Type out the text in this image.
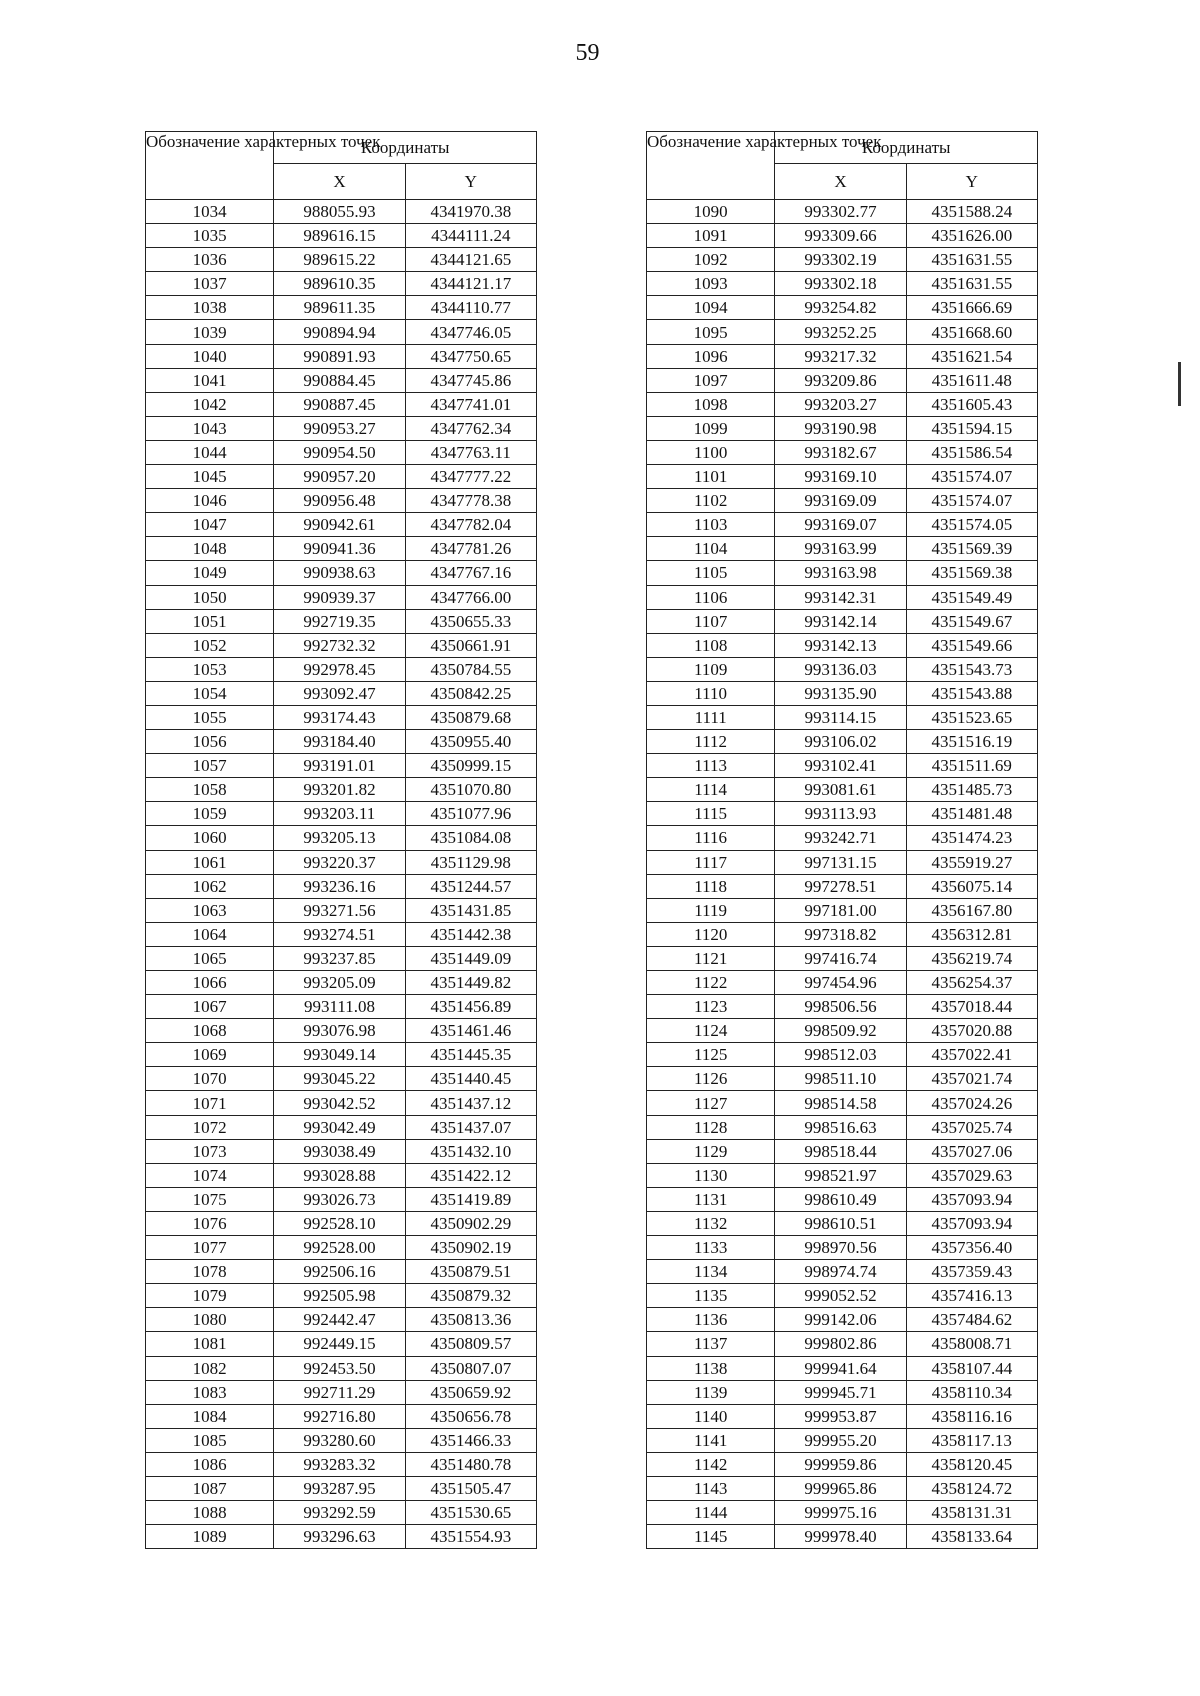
59
Обозначение характерных точек	Координаты	
	X	Y
1034	988055.93	4341970.38
1035	989616.15	4344111.24
1036	989615.22	4344121.65
1037	989610.35	4344121.17
1038	989611.35	4344110.77
1039	990894.94	4347746.05
1040	990891.93	4347750.65
1041	990884.45	4347745.86
1042	990887.45	4347741.01
1043	990953.27	4347762.34
1044	990954.50	4347763.11
1045	990957.20	4347777.22
1046	990956.48	4347778.38
1047	990942.61	4347782.04
1048	990941.36	4347781.26
1049	990938.63	4347767.16
1050	990939.37	4347766.00
1051	992719.35	4350655.33
1052	992732.32	4350661.91
1053	992978.45	4350784.55
1054	993092.47	4350842.25
1055	993174.43	4350879.68
1056	993184.40	4350955.40
1057	993191.01	4350999.15
1058	993201.82	4351070.80
1059	993203.11	4351077.96
1060	993205.13	4351084.08
1061	993220.37	4351129.98
1062	993236.16	4351244.57
1063	993271.56	4351431.85
1064	993274.51	4351442.38
1065	993237.85	4351449.09
1066	993205.09	4351449.82
1067	993111.08	4351456.89
1068	993076.98	4351461.46
1069	993049.14	4351445.35
1070	993045.22	4351440.45
1071	993042.52	4351437.12
1072	993042.49	4351437.07
1073	993038.49	4351432.10
1074	993028.88	4351422.12
1075	993026.73	4351419.89
1076	992528.10	4350902.29
1077	992528.00	4350902.19
1078	992506.16	4350879.51
1079	992505.98	4350879.32
1080	992442.47	4350813.36
1081	992449.15	4350809.57
1082	992453.50	4350807.07
1083	992711.29	4350659.92
1084	992716.80	4350656.78
1085	993280.60	4351466.33
1086	993283.32	4351480.78
1087	993287.95	4351505.47
1088	993292.59	4351530.65
1089	993296.63	4351554.93
Обозначение характерных точек	Координаты	
	X	Y
1090	993302.77	4351588.24
1091	993309.66	4351626.00
1092	993302.19	4351631.55
1093	993302.18	4351631.55
1094	993254.82	4351666.69
1095	993252.25	4351668.60
1096	993217.32	4351621.54
1097	993209.86	4351611.48
1098	993203.27	4351605.43
1099	993190.98	4351594.15
1100	993182.67	4351586.54
1101	993169.10	4351574.07
1102	993169.09	4351574.07
1103	993169.07	4351574.05
1104	993163.99	4351569.39
1105	993163.98	4351569.38
1106	993142.31	4351549.49
1107	993142.14	4351549.67
1108	993142.13	4351549.66
1109	993136.03	4351543.73
1110	993135.90	4351543.88
1111	993114.15	4351523.65
1112	993106.02	4351516.19
1113	993102.41	4351511.69
1114	993081.61	4351485.73
1115	993113.93	4351481.48
1116	993242.71	4351474.23
1117	997131.15	4355919.27
1118	997278.51	4356075.14
1119	997181.00	4356167.80
1120	997318.82	4356312.81
1121	997416.74	4356219.74
1122	997454.96	4356254.37
1123	998506.56	4357018.44
1124	998509.92	4357020.88
1125	998512.03	4357022.41
1126	998511.10	4357021.74
1127	998514.58	4357024.26
1128	998516.63	4357025.74
1129	998518.44	4357027.06
1130	998521.97	4357029.63
1131	998610.49	4357093.94
1132	998610.51	4357093.94
1133	998970.56	4357356.40
1134	998974.74	4357359.43
1135	999052.52	4357416.13
1136	999142.06	4357484.62
1137	999802.86	4358008.71
1138	999941.64	4358107.44
1139	999945.71	4358110.34
1140	999953.87	4358116.16
1141	999955.20	4358117.13
1142	999959.86	4358120.45
1143	999965.86	4358124.72
1144	999975.16	4358131.31
1145	999978.40	4358133.64
